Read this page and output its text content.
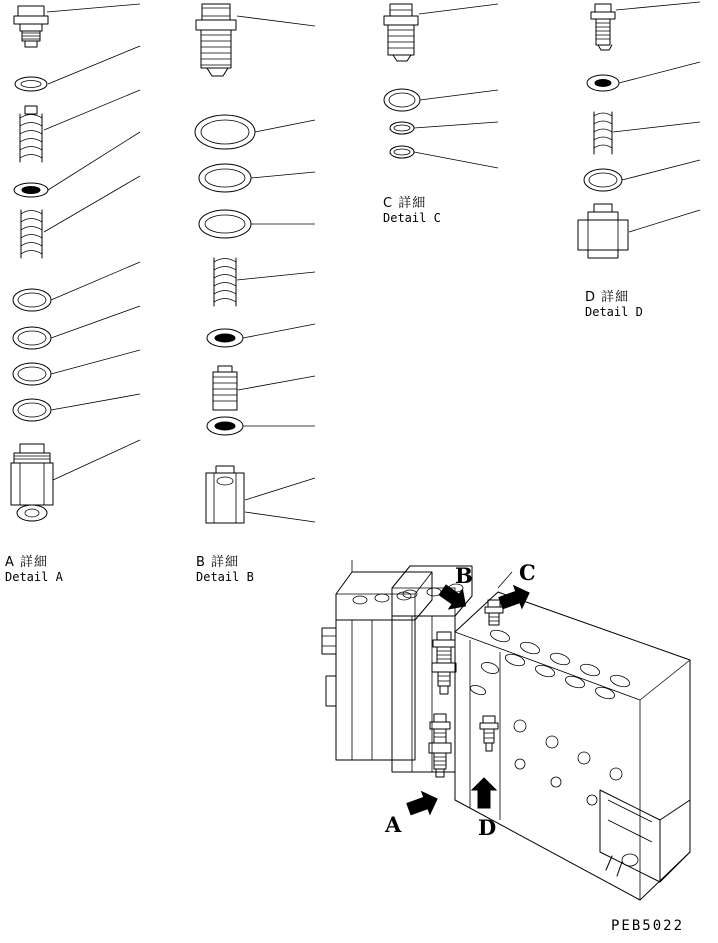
A 詳細
Detail A
B 詳細
Detail B
C 詳細
Detail C
D 詳細
Detail D
B C
A	D
PEB5022
